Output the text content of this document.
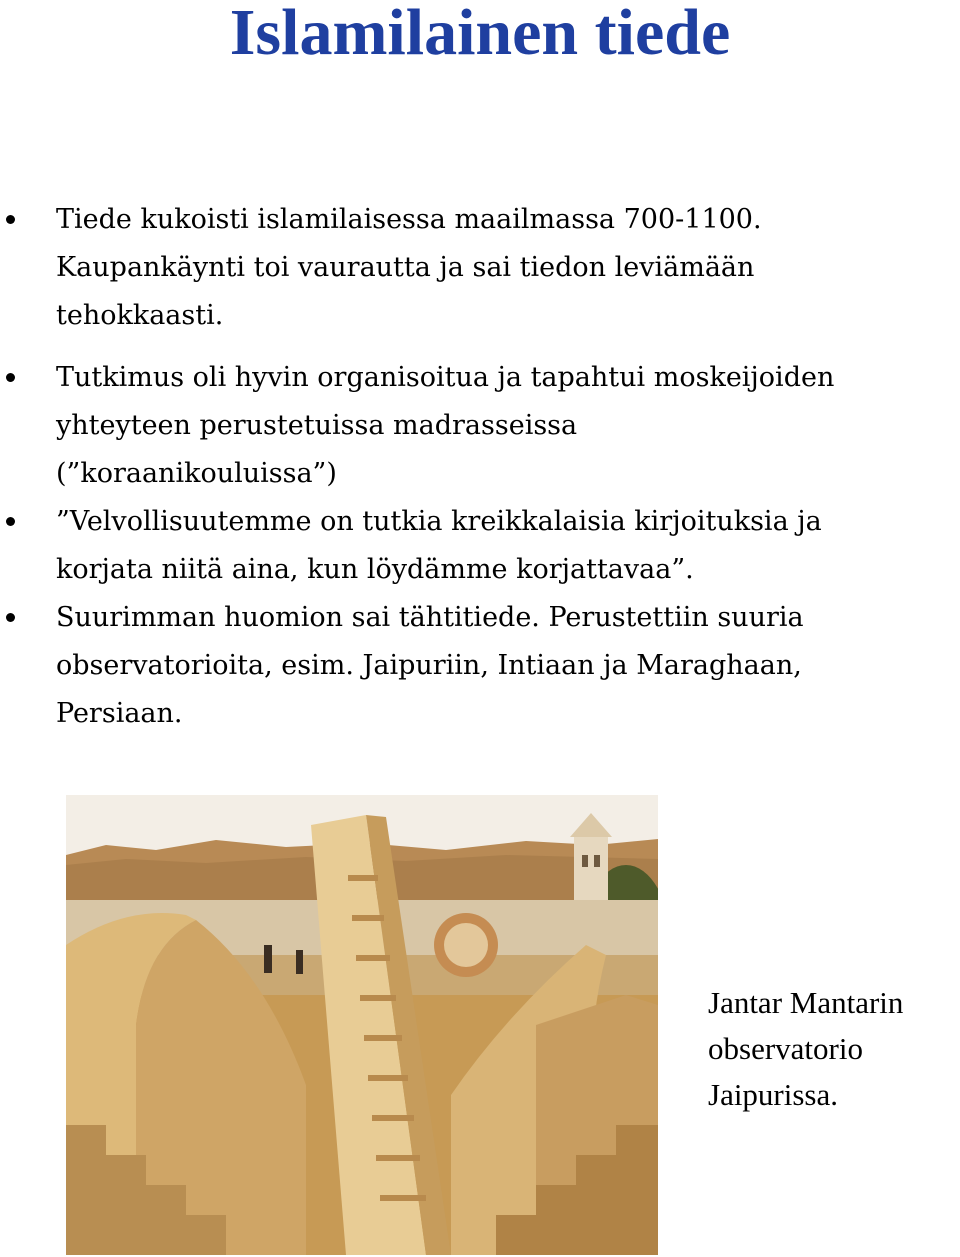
Islamilainen tiede
Tiede kukoisti islamilaisessa maailmassa 700-1100.
Kaupankäynti toi vaurautta ja sai tiedon leviämään
tehokkaasti.
Tutkimus oli hyvin organisoitua ja tapahtui moskeijoiden
yhteyteen perustetuissa madrasseissa
(”koraanikouluissa”)
”Velvollisuutemme on tutkia kreikkalaisia kirjoituksia ja
korjata niitä aina, kun löydämme korjattavaa”.
Suurimman huomion sai tähtitiede. Perustettiin suuria
observatorioita, esim. Jaipuriin, Intiaan ja Maraghaan,
Persiaan.
Jantar Mantarin
observatorio
Jaipurissa.
